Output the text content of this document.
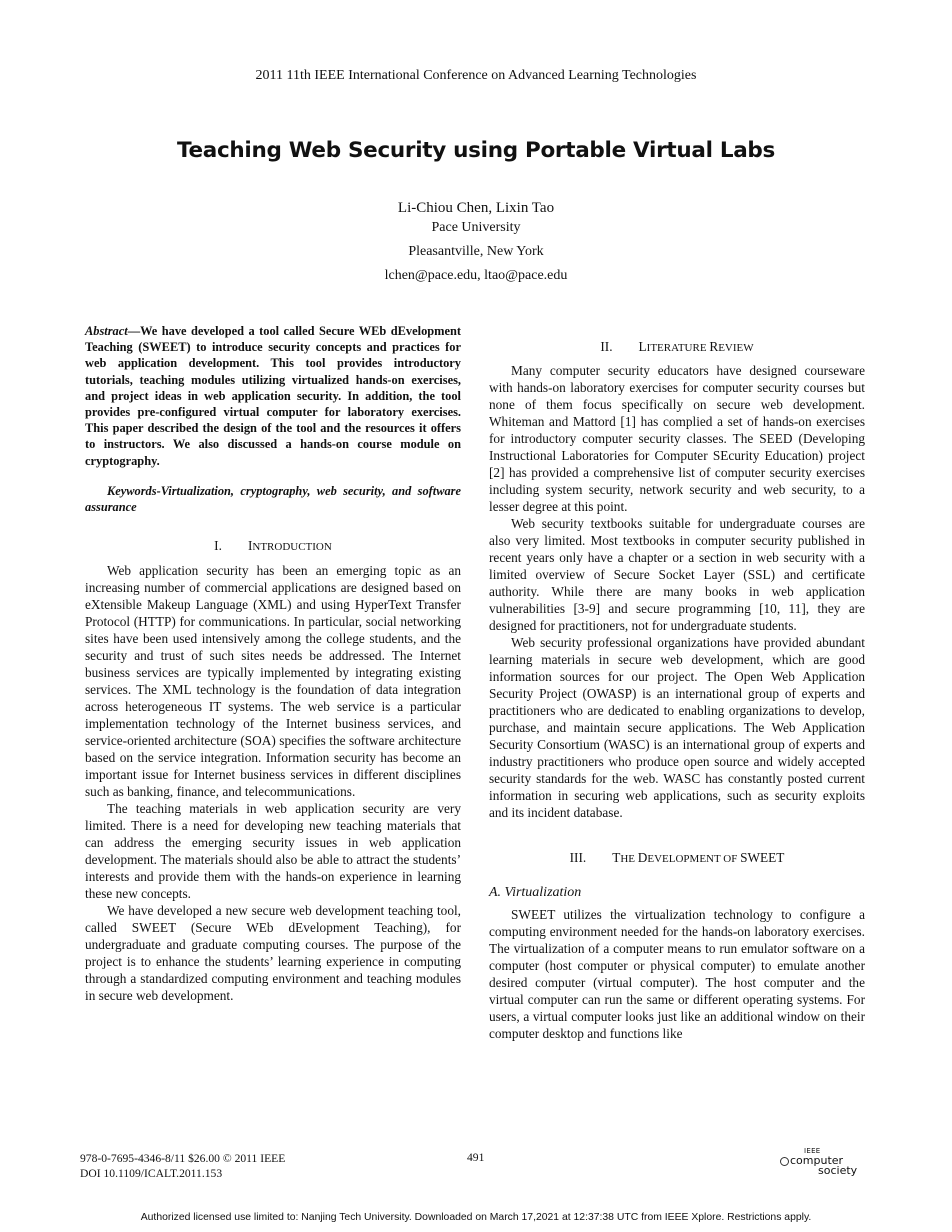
2011 11th IEEE International Conference on Advanced Learning Technologies
Teaching Web Security using Portable Virtual Labs
Li-Chiou Chen, Lixin Tao
Pace University
Pleasantville, New York
lchen@pace.edu, ltao@pace.edu

Abstract—We have developed a tool called Secure WEb dEvelopment Teaching (SWEET) to introduce security concepts and practices for web application development. This tool provides introductory tutorials, teaching modules utilizing virtualized hands-on exercises, and project ideas in web application security. In addition, the tool provides pre-configured virtual computer for laboratory exercises. This paper described the design of the tool and the resources it offers to instructors. We also discussed a hands-on course module on cryptography.

Keywords-Virtualization, cryptography, web security, and software assurance

I. INTRODUCTION

Web application security has been an emerging topic as an increasing number of commercial applications are designed based on eXtensible Makeup Language (XML) and using HyperText Transfer Protocol (HTTP) for communications. In particular, social networking sites have been used intensively among the college students, and the security and trust of such sites needs be addressed. The Internet business services are typically implemented by integrating existing services. The XML technology is the foundation of data integration across heterogeneous IT systems. The web service is a particular implementation technology of the Internet business services, and service-oriented architecture (SOA) specifies the software architecture based on the service integration. Information security has become an important issue for Internet business services in different disciplines such as banking, finance, and telecommunications.

The teaching materials in web application security are very limited. There is a need for developing new teaching materials that can address the emerging security issues in web application development. The materials should also be able to attract the students’ interests and provide them with the hands-on experience in learning these new concepts.

We have developed a new secure web development teaching tool, called SWEET (Secure WEb dEvelopment Teaching), for undergraduate and graduate computing courses. The purpose of the project is to enhance the students’ learning experience in computing through a standardized computing environment and teaching modules in secure web development.

II. LITERATURE REVIEW

Many computer security educators have designed courseware with hands-on laboratory exercises for computer security courses but none of them focus specifically on secure web development. Whiteman and Mattord [1] has complied a set of hands-on exercises for introductory computer security classes. The SEED (Developing Instructional Laboratories for Computer SEcurity Education) project [2] has provided a comprehensive list of computer security exercises including system security, network security and web security, to a lesser degree at this point.

Web security textbooks suitable for undergraduate courses are also very limited. Most textbooks in computer security published in recent years only have a chapter or a section in web security with a limited overview of Secure Socket Layer (SSL) and certificate authority. While there are many books in web application vulnerabilities [3-9] and secure programming [10, 11], they are designed for practitioners, not for undergraduate students.

Web security professional organizations have provided abundant learning materials in secure web development, which are good information sources for our project. The Open Web Application Security Project (OWASP) is an international group of experts and practitioners who are dedicated to enabling organizations to develop, purchase, and maintain secure applications. The Web Application Security Consortium (WASC) is an international group of experts and industry practitioners who produce open source and widely accepted security standards for the web. WASC has constantly posted current information in securing web applications, such as security exploits and its incident database.

III. THE DEVELOPMENT OF SWEET

A. Virtualization

SWEET utilizes the virtualization technology to configure a computing environment needed for the hands-on laboratory exercises. The virtualization of a computer means to run emulator software on a computer (host computer or physical computer) to emulate another desired computer (virtual computer). The host computer and the virtual computer can run the same or different operating systems. For users, a virtual computer looks just like an additional window on their computer desktop and functions like

978-0-7695-4346-8/11 $26.00 © 2011 IEEE
DOI 10.1109/ICALT.2011.153
491	IEEE
computer
society
Authorized licensed use limited to: Nanjing Tech University. Downloaded on March 17,2021 at 12:37:38 UTC from IEEE Xplore. Restrictions apply.
